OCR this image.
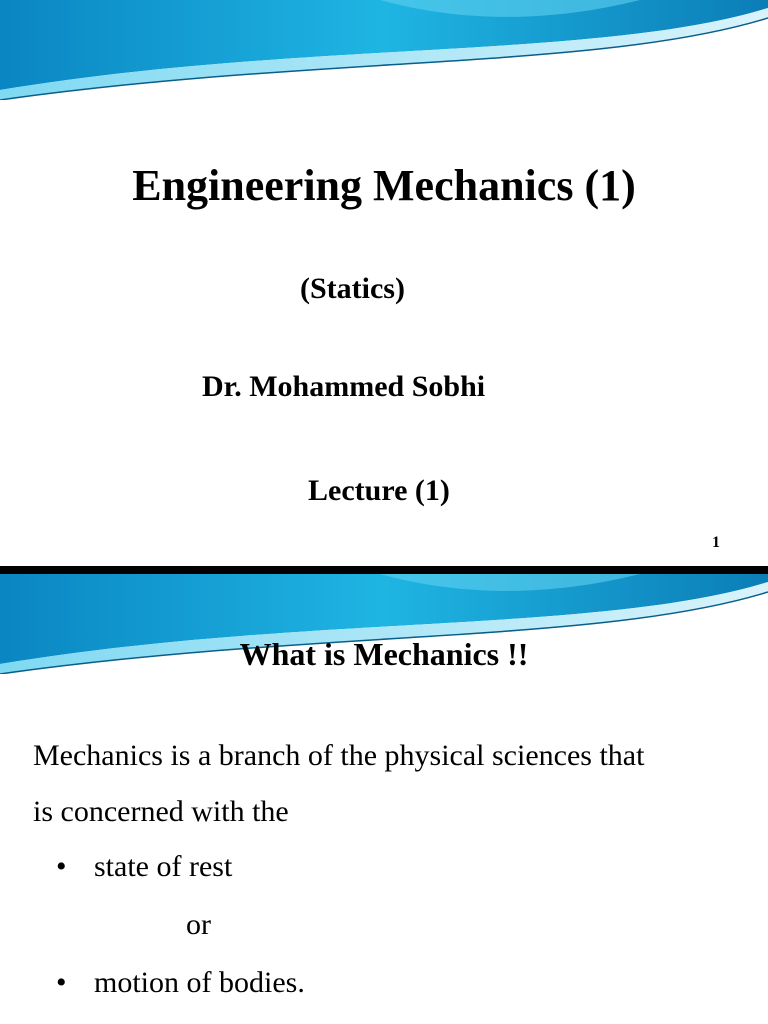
Engineering Mechanics (1)
(Statics)
Dr. Mohammed Sobhi
Lecture (1)
1
What is Mechanics !!
Mechanics is a branch of the physical sciences that
is concerned with the
• state of rest
or
• motion of bodies.
